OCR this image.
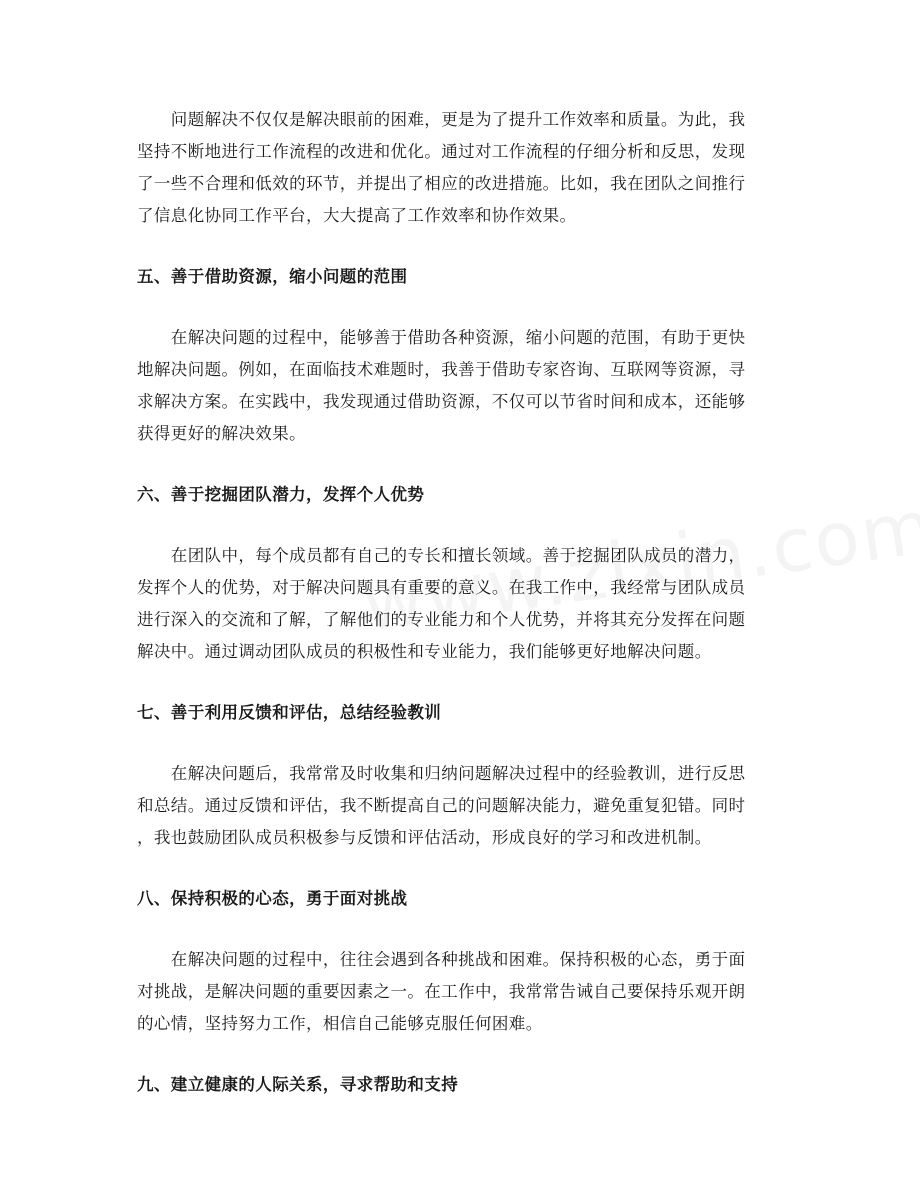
　　问题解决不仅仅是解决眼前的困难，更是为了提升工作效率和质量。为此，我
坚持不断地进行工作流程的改进和优化。通过对工作流程的仔细分析和反思，发现
了一些不合理和低效的环节，并提出了相应的改进措施。比如，我在团队之间推行
了信息化协同工作平台，大大提高了工作效率和协作效果。
五、善于借助资源，缩小问题的范围
　　在解决问题的过程中，能够善于借助各种资源，缩小问题的范围，有助于更快
地解决问题。例如，在面临技术难题时，我善于借助专家咨询、互联网等资源，寻
求解决方案。在实践中，我发现通过借助资源，不仅可以节省时间和成本，还能够
获得更好的解决效果。
六、善于挖掘团队潜力，发挥个人优势
　　在团队中，每个成员都有自己的专长和擅长领域。善于挖掘团队成员的潜力，
发挥个人的优势，对于解决问题具有重要的意义。在我工作中，我经常与团队成员
进行深入的交流和了解，了解他们的专业能力和个人优势，并将其充分发挥在问题
解决中。通过调动团队成员的积极性和专业能力，我们能够更好地解决问题。
七、善于利用反馈和评估，总结经验教训
　　在解决问题后，我常常及时收集和归纳问题解决过程中的经验教训，进行反思
和总结。通过反馈和评估，我不断提高自己的问题解决能力，避免重复犯错。同时
，我也鼓励团队成员积极参与反馈和评估活动，形成良好的学习和改进机制。
八、保持积极的心态，勇于面对挑战
　　在解决问题的过程中，往往会遇到各种挑战和困难。保持积极的心态，勇于面
对挑战，是解决问题的重要因素之一。在工作中，我常常告诫自己要保持乐观开朗
的心情，坚持努力工作，相信自己能够克服任何困难。
九、建立健康的人际关系，寻求帮助和支持
